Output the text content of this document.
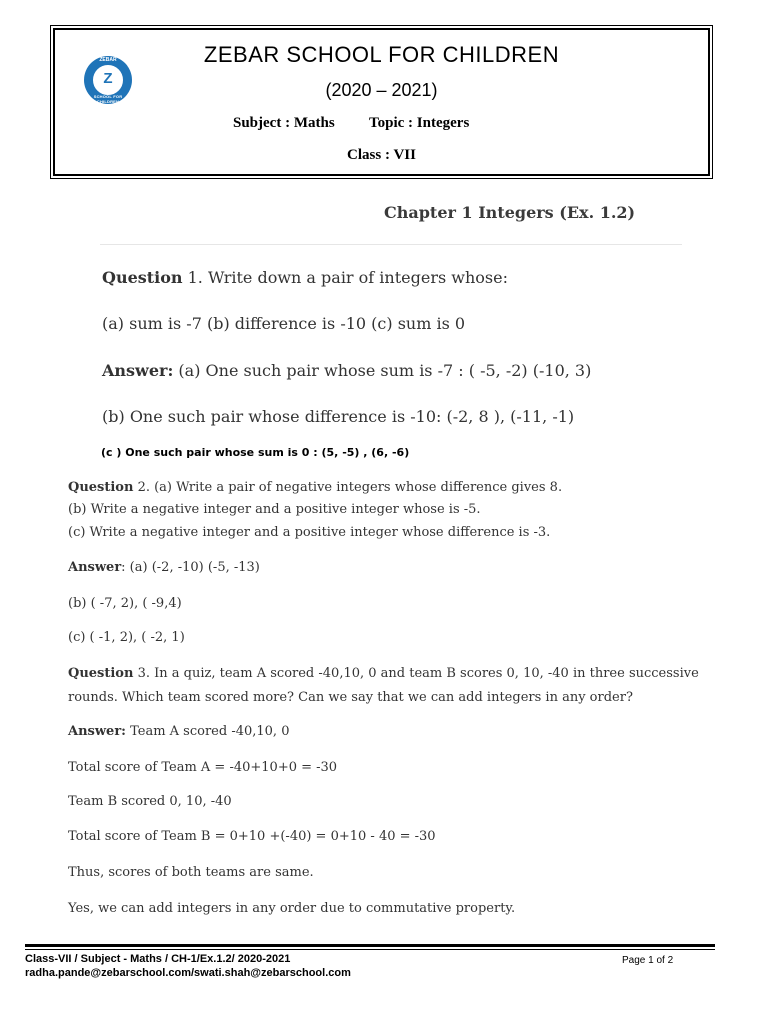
ZEBAR
Z
SCHOOL FOR CHILDREN
ZEBAR SCHOOL FOR CHILDREN
(2020 – 2021)
Subject : Maths Topic : Integers
Class : VII
Chapter 1 Integers (Ex. 1.2)
Question 1. Write down a pair of integers whose:
(a) sum is -7 (b) difference is -10 (c) sum is 0
Answer: (a) One such pair whose sum is -7 : ( -5, -2) (-10, 3)
(b) One such pair whose difference is -10: (-2, 8 ), (-11, -1)
(c ) One such pair whose sum is 0 : (5, -5) , (6, -6)
Question 2. (a) Write a pair of negative integers whose difference gives 8.
(b) Write a negative integer and a positive integer whose is -5.
(c) Write a negative integer and a positive integer whose difference is -3.
Answer: (a) (-2, -10) (-5, -13)
(b) ( -7, 2), ( -9,4)
(c) ( -1, 2), ( -2, 1)
Question 3. In a quiz, team A scored -40,10, 0 and team B scores 0, 10, -40 in three successive
rounds. Which team scored more? Can we say that we can add integers in any order?
Answer: Team A scored -40,10, 0
Total score of Team A = -40+10+0 = -30
Team B scored 0, 10, -40
Total score of Team B = 0+10 +(-40) = 0+10 - 40 = -30
Thus, scores of both teams are same.
Yes, we can add integers in any order due to commutative property.
Class-VII / Subject - Maths / CH-1/Ex.1.2/ 2020-2021
radha.pande@zebarschool.com/swati.shah@zebarschool.com
Page 1 of 2
